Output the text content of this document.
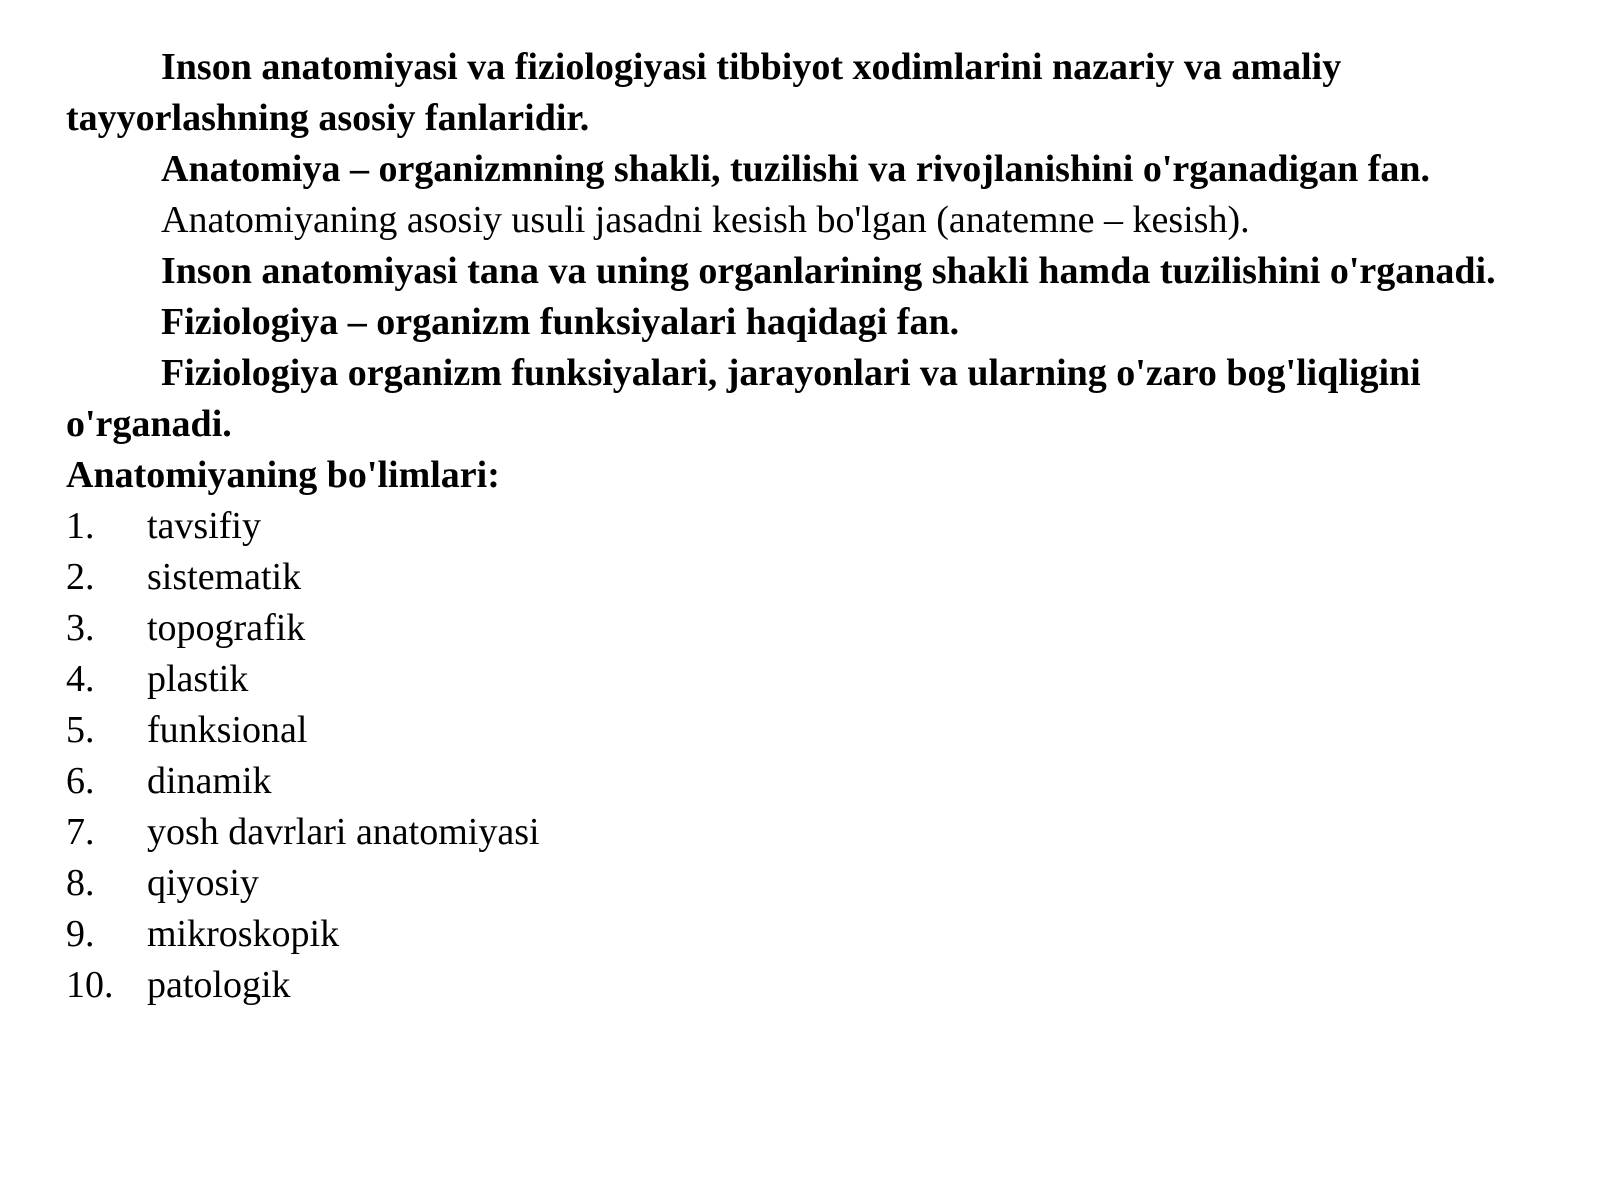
Inson anatomiyasi va fiziologiyasi tibbiyot xodimlarini nazariy va amaliy tayyorlashning asosiy fanlaridir.

Anatomiya – organizmning shakli, tuzilishi va rivojlanishini o'rganadigan fan.

Anatomiyaning asosiy usuli jasadni kesish bo'lgan (anatemne – kesish).

Inson anatomiyasi tana va uning organlarining shakli hamda tuzilishini o'rganadi.

Fiziologiya – organizm funksiyalari haqidagi fan.

Fiziologiya organizm funksiyalari, jarayonlari va ularning o'zaro bog'liqligini o'rganadi.

Anatomiyaning bo'limlari:

1.	tavsifiy
2.	sistematik
3.	topografik
4.	plastik
5.	funksional
6.	dinamik
7.	yosh davrlari anatomiyasi
8.	qiyosiy
9.	mikroskopik
10. patologik
